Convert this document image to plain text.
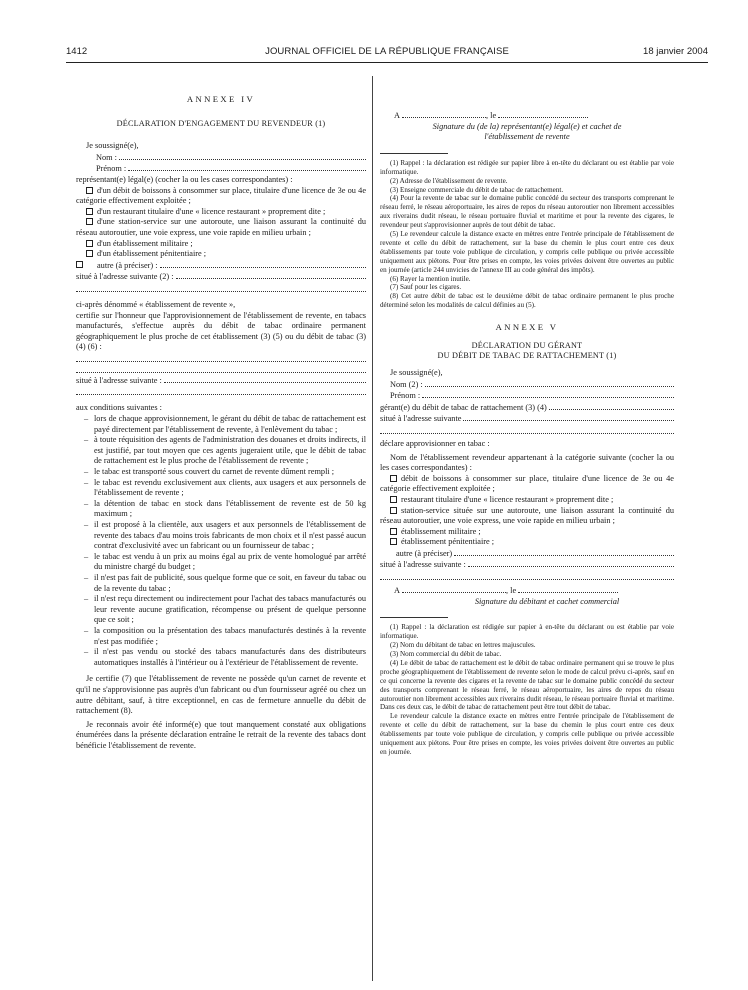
1412	JOURNAL OFFICIEL DE LA RÉPUBLIQUE FRANÇAISE	18 janvier 2004
ANNEXE IV
DÉCLARATION D'ENGAGEMENT DU REVENDEUR (1)

Je soussigné(e),

Nom :
Prénom :

représentant(e) légal(e) (cocher la ou les cases correspondantes) :

d'un débit de boissons à consommer sur place, titulaire d'une licence de 3e ou 4e catégorie effectivement exploitée ;

d'un restaurant titulaire d'une « licence restaurant » proprement dite ;

d'une station-service sur une autoroute, une liaison assurant la continuité du réseau autoroutier, une voie express, une voie rapide en milieu urbain ;

d'un établissement militaire ;

d'un établissement pénitentiaire ;

autre (à préciser) :
situé à l'adresse suivante (2) :

ci-après dénommé « établissement de revente »,

certifie sur l'honneur que l'approvisionnement de l'établissement de revente, en tabacs manufacturés, s'effectue auprès du débit de tabac ordinaire permanent géographiquement le plus proche de cet établissement (3) (5) ou du débit de tabac (3) (4) (6) :

situé à l'adresse suivante :

aux conditions suivantes :

– lors de chaque approvisionnement, le gérant du débit de tabac de rattachement est payé directement par l'établissement de revente, à l'enlèvement du tabac ;
– à toute réquisition des agents de l'administration des douanes et droits indirects, il est justifié, par tout moyen que ces agents jugeraient utile, que le débit de tabac de rattachement est le plus proche de l'établissement de revente ;
– le tabac est transporté sous couvert du carnet de revente dûment rempli ;
– le tabac est revendu exclusivement aux clients, aux usagers et aux personnels de l'établissement de revente ;
– la détention de tabac en stock dans l'établissement de revente est de 50 kg maximum ;
– il est proposé à la clientèle, aux usagers et aux personnels de l'établissement de revente des tabacs d'au moins trois fabricants de mon choix et il n'est passé aucun contrat d'exclusivité avec un fabricant ou un fournisseur de tabac ;
– le tabac est vendu à un prix au moins égal au prix de vente homologué par arrêté du ministre chargé du budget ;
– il n'est pas fait de publicité, sous quelque forme que ce soit, en faveur du tabac ou de la revente du tabac ;
– il n'est reçu directement ou indirectement pour l'achat des tabacs manufacturés ou leur revente aucune gratification, récompense ou présent de quelque personne que ce soit ;
– la composition ou la présentation des tabacs manufacturés destinés à la revente n'est pas modifiée ;
– il n'est pas vendu ou stocké des tabacs manufacturés dans des distributeurs automatiques installés à l'intérieur ou à l'extérieur de l'établissement de revente.

Je certifie (7) que l'établissement de revente ne possède qu'un carnet de revente et qu'il ne s'approvisionne pas auprès d'un fabricant ou d'un fournisseur agréé ou chez un autre débitant, sauf, à titre exceptionnel, en cas de fermeture annuelle du débit de rattachement (8).

Je reconnais avoir été informé(e) que tout manquement constaté aux obligations énumérées dans la présente déclaration entraîne le retrait de la revente des tabacs dont bénéficie l'établissement de revente.

A	, le

Signature du (de la) représentant(e) légal(e) et cachet de l'établissement de revente

(1) Rappel : la déclaration est rédigée sur papier libre à en-tête du déclarant ou est établie par voie informatique.

(2) Adresse de l'établissement de revente.

(3) Enseigne commerciale du débit de tabac de rattachement.

(4) Pour la revente de tabac sur le domaine public concédé du secteur des transports comprenant le réseau ferré, le réseau aéroportuaire, les aires de repos du réseau autoroutier non librement accessibles aux riverains dudit réseau, le réseau portuaire fluvial et maritime et pour la revente des cigares, le revendeur peut s'approvisionner auprès de tout débit de tabac.

(5) Le revendeur calcule la distance exacte en mètres entre l'entrée principale de l'établissement de revente et celle du débit de rattachement, sur la base du chemin le plus court entre ces deux établissements par toute voie publique de circulation, y compris celle publique ou privée accessible uniquement aux piétons. Pour être prises en compte, les voies privées doivent être ouvertes au public en journée (article 244 unvicies de l'annexe III au code général des impôts).

(6) Rayer la mention inutile.

(7) Sauf pour les cigares.

(8) Cet autre débit de tabac est le deuxième débit de tabac ordinaire permanent le plus proche déterminé selon les modalités de calcul définies au (5).

ANNEXE V
DÉCLARATION DU GÉRANT
DU DÉBIT DE TABAC DE RATTACHEMENT (1)

Je soussigné(e),

Nom (2) :
Prénom :
gérant(e) du débit de tabac de rattachement (3) (4)
situé à l'adresse suivante

déclare approvisionner en tabac :

Nom de l'établissement revendeur appartenant à la catégorie suivante (cocher la ou les cases correspondantes) :

débit de boissons à consommer sur place, titulaire d'une licence de 3e ou 4e catégorie effectivement exploitée ;

restaurant titulaire d'une « licence restaurant » proprement dite ;

station-service située sur une autoroute, une liaison assurant la continuité du réseau autoroutier, une voie express, une voie rapide en milieu urbain ;

établissement militaire ;

établissement pénitentiaire ;

autre (à préciser)
situé à l'adresse suivante :
A	, le

Signature du débitant et cachet commercial

(1) Rappel : la déclaration est rédigée sur papier à en-tête du déclarant ou est établie par voie informatique.

(2) Nom du débitant de tabac en lettres majuscules.

(3) Nom commercial du débit de tabac.

(4) Le débit de tabac de rattachement est le débit de tabac ordinaire permanent qui se trouve le plus proche géographiquement de l'établissement de revente selon le mode de calcul prévu ci-après, sauf en ce qui concerne la revente des cigares et la revente de tabac sur le domaine public concédé du secteur des transports comprenant le réseau ferré, le réseau aéroportuaire, les aires de repos du réseau autoroutier non librement accessibles aux riverains dudit réseau, le réseau portuaire fluvial et maritime. Dans ces deux cas, le débit de tabac de rattachement peut être tout débit de tabac.

Le revendeur calcule la distance exacte en mètres entre l'entrée principale de l'établissement de revente et celle du débit de rattachement, sur la base du chemin le plus court entre ces deux établissements par toute voie publique de circulation, y compris celle publique ou privée accessible uniquement aux piétons. Pour être prises en compte, les voies privées doivent être ouvertes au public en journée.
